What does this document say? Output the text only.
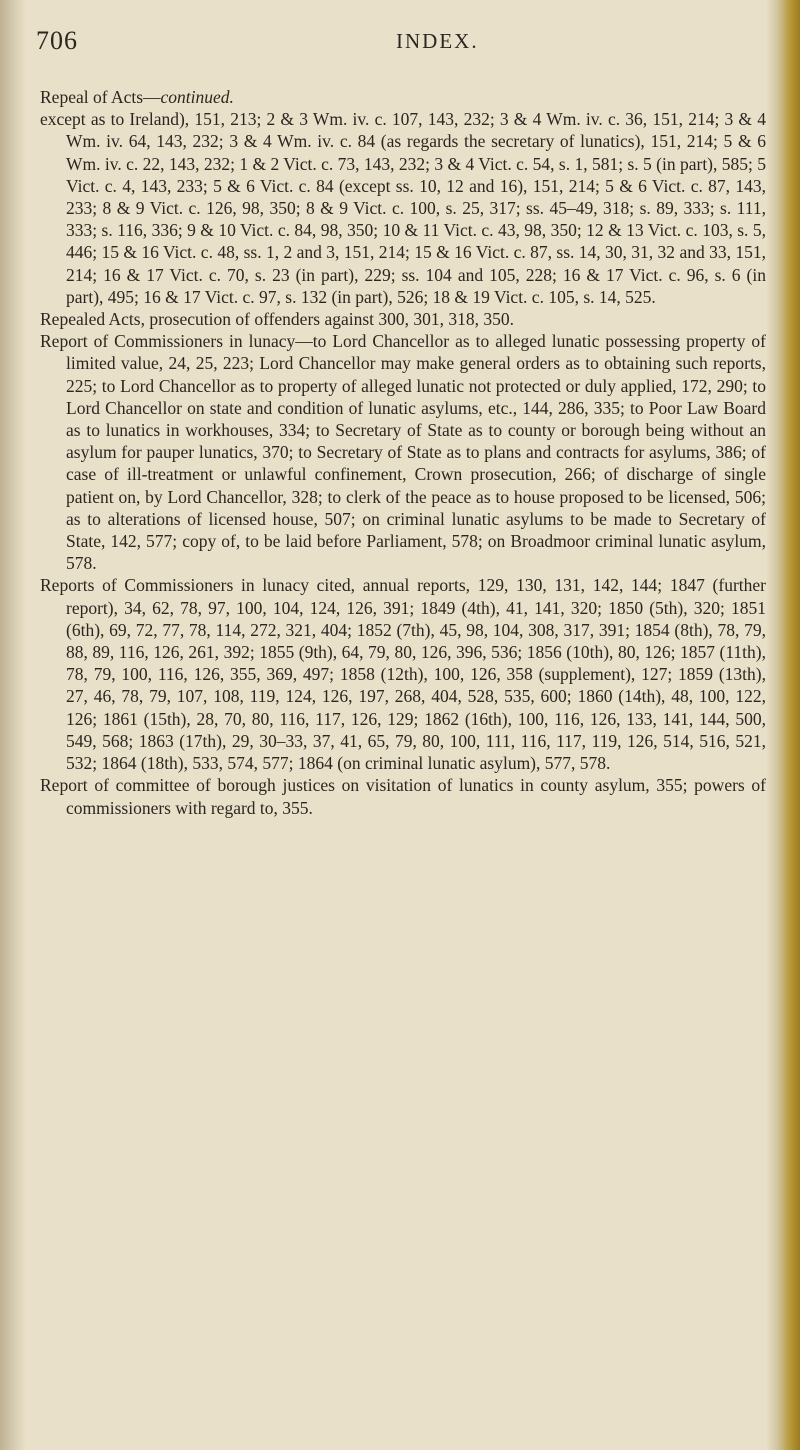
706	INDEX.

Repeal of Acts—continued.

except as to Ireland), 151, 213; 2 & 3 Wm. iv. c. 107, 143, 232; 3 & 4 Wm. iv. c. 36, 151, 214; 3 & 4 Wm. iv. 64, 143, 232; 3 & 4 Wm. iv. c. 84 (as regards the secretary of lunatics), 151, 214; 5 & 6 Wm. iv. c. 22, 143, 232; 1 & 2 Vict. c. 73, 143, 232; 3 & 4 Vict. c. 54, s. 1, 581; s. 5 (in part), 585; 5 Vict. c. 4, 143, 233; 5 & 6 Vict. c. 84 (except ss. 10, 12 and 16), 151, 214; 5 & 6 Vict. c. 87, 143, 233; 8 & 9 Vict. c. 126, 98, 350; 8 & 9 Vict. c. 100, s. 25, 317; ss. 45–49, 318; s. 89, 333; s. 111, 333; s. 116, 336; 9 & 10 Vict. c. 84, 98, 350; 10 & 11 Vict. c. 43, 98, 350; 12 & 13 Vict. c. 103, s. 5, 446; 15 & 16 Vict. c. 48, ss. 1, 2 and 3, 151, 214; 15 & 16 Vict. c. 87, ss. 14, 30, 31, 32 and 33, 151, 214; 16 & 17 Vict. c. 70, s. 23 (in part), 229; ss. 104 and 105, 228; 16 & 17 Vict. c. 96, s. 6 (in part), 495; 16 & 17 Vict. c. 97, s. 132 (in part), 526; 18 & 19 Vict. c. 105, s. 14, 525.

Repealed Acts, prosecution of offenders against 300, 301, 318, 350.

Report of Commissioners in lunacy—to Lord Chancellor as to alleged lunatic possessing property of limited value, 24, 25, 223; Lord Chancellor may make general orders as to obtaining such reports, 225; to Lord Chancellor as to property of alleged lunatic not protected or duly applied, 172, 290; to Lord Chancellor on state and condition of lunatic asylums, etc., 144, 286, 335; to Poor Law Board as to lunatics in workhouses, 334; to Secretary of State as to county or borough being without an asylum for pauper lunatics, 370; to Secretary of State as to plans and contracts for asylums, 386; of case of ill-treatment or unlawful confinement, Crown prosecution, 266; of discharge of single patient on, by Lord Chancellor, 328; to clerk of the peace as to house proposed to be licensed, 506; as to alterations of licensed house, 507; on criminal lunatic asylums to be made to Secretary of State, 142, 577; copy of, to be laid before Parliament, 578; on Broadmoor criminal lunatic asylum, 578.

Reports of Commissioners in lunacy cited, annual reports, 129, 130, 131, 142, 144; 1847 (further report), 34, 62, 78, 97, 100, 104, 124, 126, 391; 1849 (4th), 41, 141, 320; 1850 (5th), 320; 1851 (6th), 69, 72, 77, 78, 114, 272, 321, 404; 1852 (7th), 45, 98, 104, 308, 317, 391; 1854 (8th), 78, 79, 88, 89, 116, 126, 261, 392; 1855 (9th), 64, 79, 80, 126, 396, 536; 1856 (10th), 80, 126; 1857 (11th), 78, 79, 100, 116, 126, 355, 369, 497; 1858 (12th), 100, 126, 358 (supplement), 127; 1859 (13th), 27, 46, 78, 79, 107, 108, 119, 124, 126, 197, 268, 404, 528, 535, 600; 1860 (14th), 48, 100, 122, 126; 1861 (15th), 28, 70, 80, 116, 117, 126, 129; 1862 (16th), 100, 116, 126, 133, 141, 144, 500, 549, 568; 1863 (17th), 29, 30–33, 37, 41, 65, 79, 80, 100, 111, 116, 117, 119, 126, 514, 516, 521, 532; 1864 (18th), 533, 574, 577; 1864 (on criminal lunatic asylum), 577, 578.

Report of committee of borough justices on visitation of lunatics in county asylum, 355; powers of commissioners with regard to, 355.
